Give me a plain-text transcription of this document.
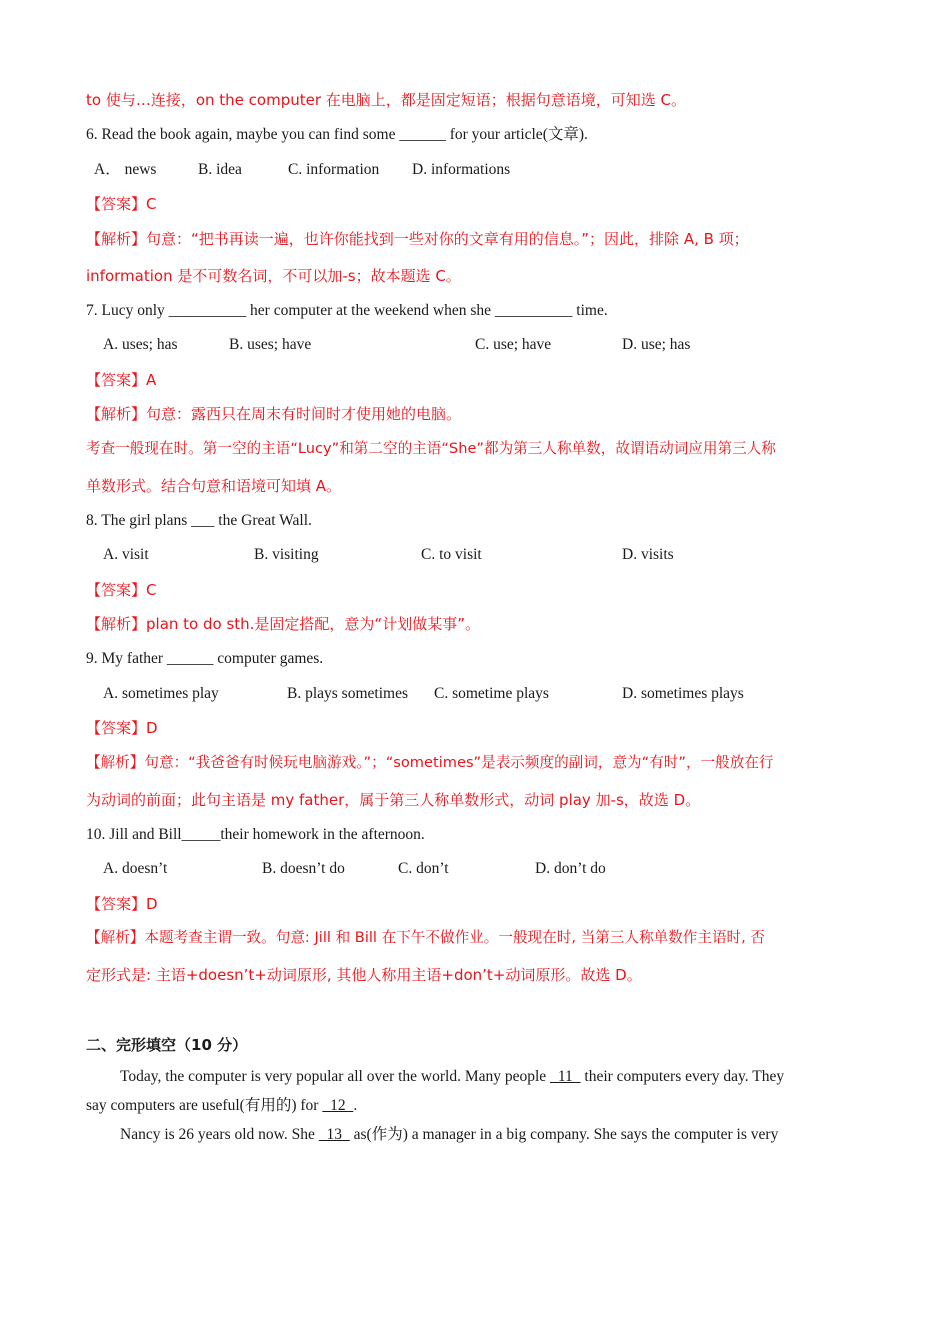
to 使与…连接，on the computer 在电脑上，都是固定短语；根据句意语境，可知选 C。
6. Read the book again, maybe you can find some ______ for your article(文章).
A． news	B. idea	C. information D. informations
【答案】C
【解析】句意：“把书再读一遍，也许你能找到一些对你的文章有用的信息。”；因此，排除 A, B 项；
information 是不可数名词，不可以加-s；故本题选 C。
7. Lucy only __________ her computer at the weekend when she __________ time.
A. uses; has	B. uses; have	C. use; have	D. use; has
【答案】A
【解析】句意：露西只在周末有时间时才使用她的电脑。
考查一般现在时。第一空的主语“Lucy”和第二空的主语“She”都为第三人称单数，故谓语动词应用第三人称
单数形式。结合句意和语境可知填 A。
8. The girl plans ___ the Great Wall.
A. visit	B. visiting	C. to visit	D. visits
【答案】C
【解析】plan to do sth.是固定搭配，意为“计划做某事”。
9. My father ______ computer games.
A. sometimes play	B. plays sometimes C. sometime plays	D. sometimes plays
【答案】D
【解析】句意：“我爸爸有时候玩电脑游戏。”；“sometimes”是表示频度的副词，意为“有时”，一般放在行
为动词的前面；此句主语是 my father，属于第三人称单数形式，动词 play 加-s，故选 D。
10. Jill and Bill_____their homework in the afternoon.
A. doesn’t	B. doesn’t do	C. don’t	D. don’t do
【答案】D
【解析】本题考查主谓一致。句意: Jill 和 Bill 在下午不做作业。一般现在时, 当第三人称单数作主语时, 否
定形式是: 主语+doesn’t+动词原形, 其他人称用主语+don’t+动词原形。故选 D。
二、完形填空（10 分）
Today, the computer is very popular all over the world. Many people   11   their computers every day. They
say computers are useful(有用的) for   12  .
Nancy is 26 years old now. She   13   as(作为) a manager in a big company. She says the computer is very
